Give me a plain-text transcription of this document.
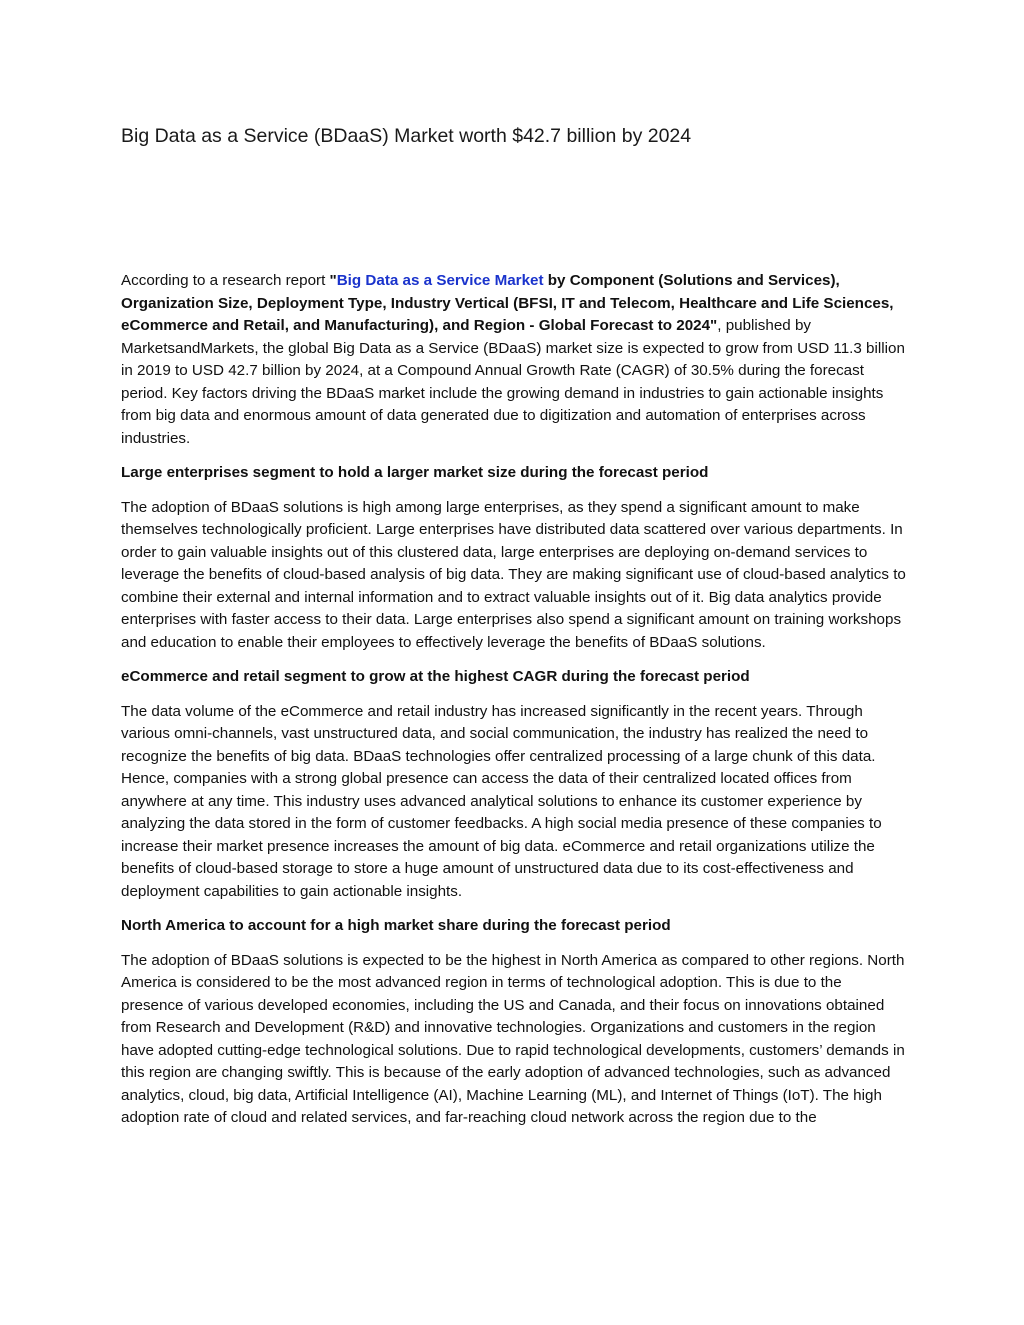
Big Data as a Service (BDaaS) Market worth $42.7 billion by 2024

According to a research report "Big Data as a Service Market by Component (Solutions and Services), Organization Size, Deployment Type, Industry Vertical (BFSI, IT and Telecom, Healthcare and Life Sciences, eCommerce and Retail, and Manufacturing), and Region - Global Forecast to 2024", published by MarketsandMarkets, the global Big Data as a Service (BDaaS) market size is expected to grow from USD 11.3 billion in 2019 to USD 42.7 billion by 2024, at a Compound Annual Growth Rate (CAGR) of 30.5% during the forecast period. Key factors driving the BDaaS market include the growing demand in industries to gain actionable insights from big data and enormous amount of data generated due to digitization and automation of enterprises across industries.

Large enterprises segment to hold a larger market size during the forecast period

The adoption of BDaaS solutions is high among large enterprises, as they spend a significant amount to make themselves technologically proficient. Large enterprises have distributed data scattered over various departments. In order to gain valuable insights out of this clustered data, large enterprises are deploying on-demand services to leverage the benefits of cloud-based analysis of big data. They are making significant use of cloud-based analytics to combine their external and internal information and to extract valuable insights out of it. Big data analytics provide enterprises with faster access to their data. Large enterprises also spend a significant amount on training workshops and education to enable their employees to effectively leverage the benefits of BDaaS solutions.

eCommerce and retail segment to grow at the highest CAGR during the forecast period

The data volume of the eCommerce and retail industry has increased significantly in the recent years. Through various omni-channels, vast unstructured data, and social communication, the industry has realized the need to recognize the benefits of big data. BDaaS technologies offer centralized processing of a large chunk of this data. Hence, companies with a strong global presence can access the data of their centralized located offices from anywhere at any time. This industry uses advanced analytical solutions to enhance its customer experience by analyzing the data stored in the form of customer feedbacks. A high social media presence of these companies to increase their market presence increases the amount of big data. eCommerce and retail organizations utilize the benefits of cloud-based storage to store a huge amount of unstructured data due to its cost-effectiveness and deployment capabilities to gain actionable insights.

North America to account for a high market share during the forecast period

The adoption of BDaaS solutions is expected to be the highest in North America as compared to other regions. North America is considered to be the most advanced region in terms of technological adoption. This is due to the presence of various developed economies, including the US and Canada, and their focus on innovations obtained from Research and Development (R&D) and innovative technologies. Organizations and customers in the region have adopted cutting-edge technological solutions. Due to rapid technological developments, customers’ demands in this region are changing swiftly. This is because of the early adoption of advanced technologies, such as advanced analytics, cloud, big data, Artificial Intelligence (AI), Machine Learning (ML), and Internet of Things (IoT). The high adoption rate of cloud and related services, and far-reaching cloud network across the region due to the
